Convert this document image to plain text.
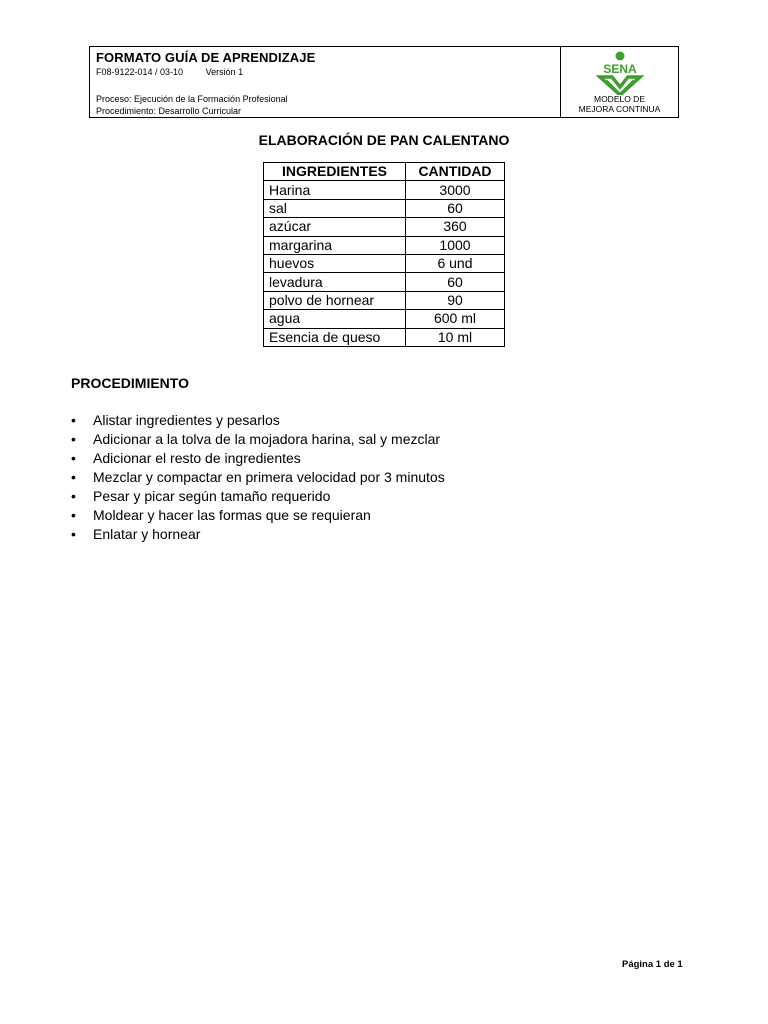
FORMATO GUÍA DE APRENDIZAJE
F08-9122-014 / 03-10	Versión 1
Proceso: Ejecución de la Formación Profesional
Procedimiento: Desarrollo Curricular
SENA
MODELO DE
MEJORA CONTINUA
ELABORACIÓN DE PAN CALENTANO
INGREDIENTES	CANTIDAD
Harina	3000
sal	60
azúcar	360
margarina	1000
huevos	6 und
levadura	60
polvo de hornear	90
agua	600 ml
Esencia de queso	10 ml
PROCEDIMIENTO
• Alistar ingredientes y pesarlos
• Adicionar a la tolva de la mojadora harina, sal y mezclar
• Adicionar el resto de ingredientes
• Mezclar y compactar en primera velocidad por 3 minutos
• Pesar y picar según tamaño requerido
• Moldear y hacer las formas que se requieran
• Enlatar y hornear
Página 1 de 1
